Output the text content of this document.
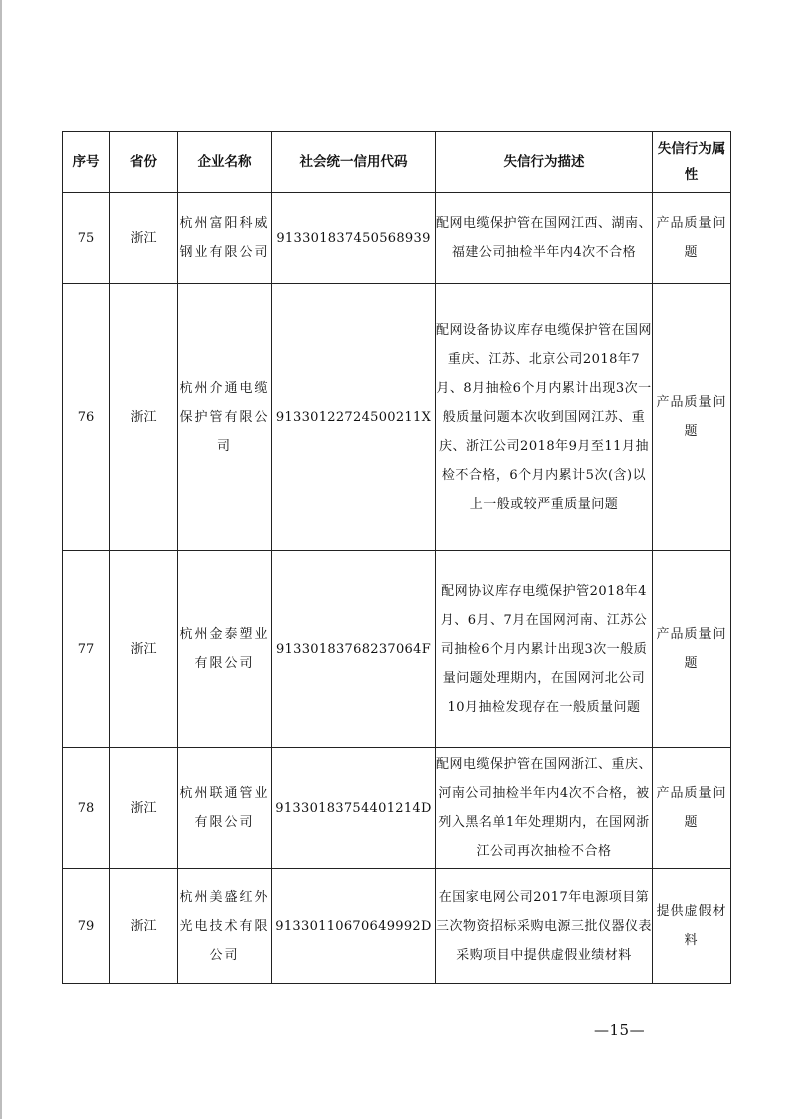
序号	省份	企业名称	社会统一信用代码	失信行为描述	失信行为属性
75	浙江	杭州富阳科威钢业有限公司	913301837450568939	配网电缆保护管在国网江西、湖南、福建公司抽检半年内4次不合格	产品质量问题
76	浙江	杭州介通电缆保护管有限公司	91330122724500211X	配网设备协议库存电缆保护管在国网重庆、江苏、北京公司2018年7月、8月抽检6个月内累计出现3次一般质量问题本次收到国网江苏、重庆、浙江公司2018年9月至11月抽检不合格，6个月内累计5次(含)以上一般或较严重质量问题	产品质量问题
77	浙江	杭州金泰塑业有限公司	91330183768237064F	配网协议库存电缆保护管2018年4月、6月、7月在国网河南、江苏公司抽检6个月内累计出现3次一般质量问题处理期内，在国网河北公司10月抽检发现存在一般质量问题	产品质量问题
78	浙江	杭州联通管业有限公司	91330183754401214D	配网电缆保护管在国网浙江、重庆、河南公司抽检半年内4次不合格，被列入黑名单1年处理期内，在国网浙江公司再次抽检不合格	产品质量问题
79	浙江	杭州美盛红外光电技术有限公司	91330110670649992D	在国家电网公司2017年电源项目第三次物资招标采购电源三批仪器仪表采购项目中提供虚假业绩材料	提供虚假材料
—15—
